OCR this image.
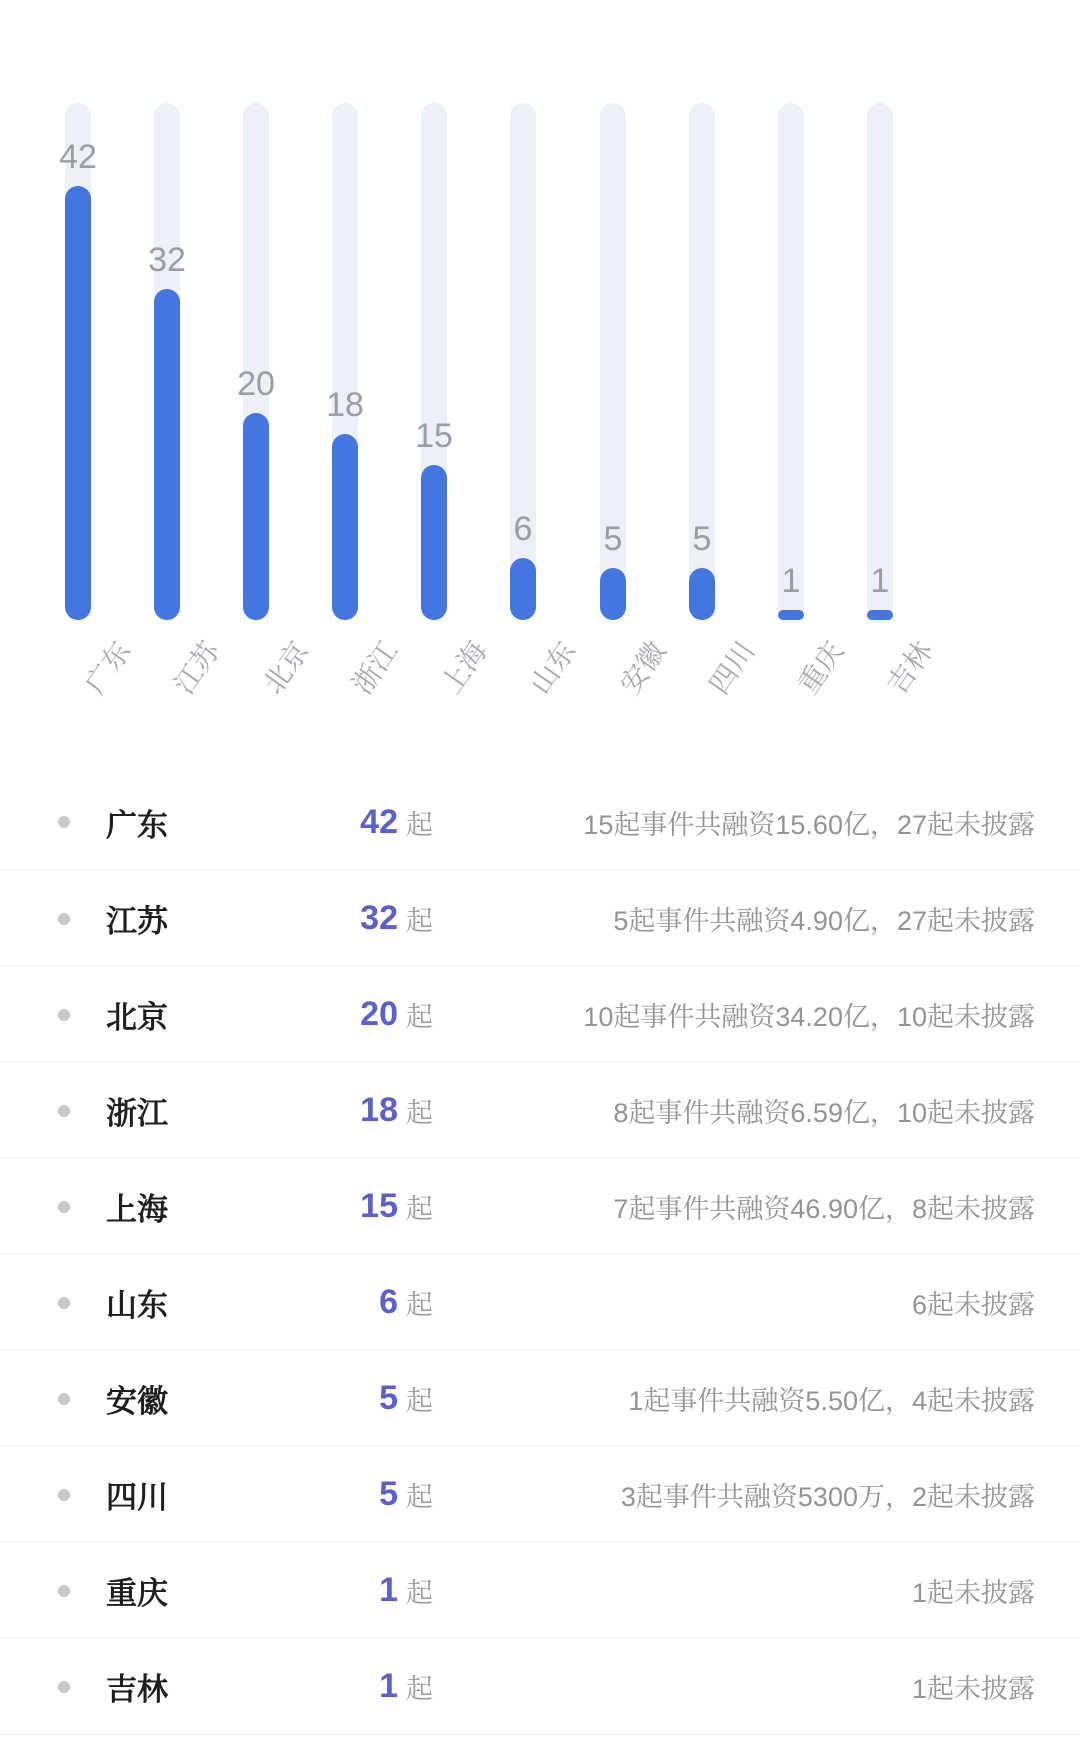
42
广东
32
江苏
20
北京
18
浙江
15
上海
6
山东
5
安徽
5
四川
1
重庆
1
吉林
广东	42 起	15起事件共融资15.60亿，27起未披露
江苏	32 起	5起事件共融资4.90亿，27起未披露
北京	20 起	10起事件共融资34.20亿，10起未披露
浙江	18 起	8起事件共融资6.59亿，10起未披露
上海	15 起	7起事件共融资46.90亿，8起未披露
山东	6 起	6起未披露
安徽	5 起	1起事件共融资5.50亿，4起未披露
四川	5 起	3起事件共融资5300万，2起未披露
重庆	1 起	1起未披露
吉林	1 起	1起未披露
